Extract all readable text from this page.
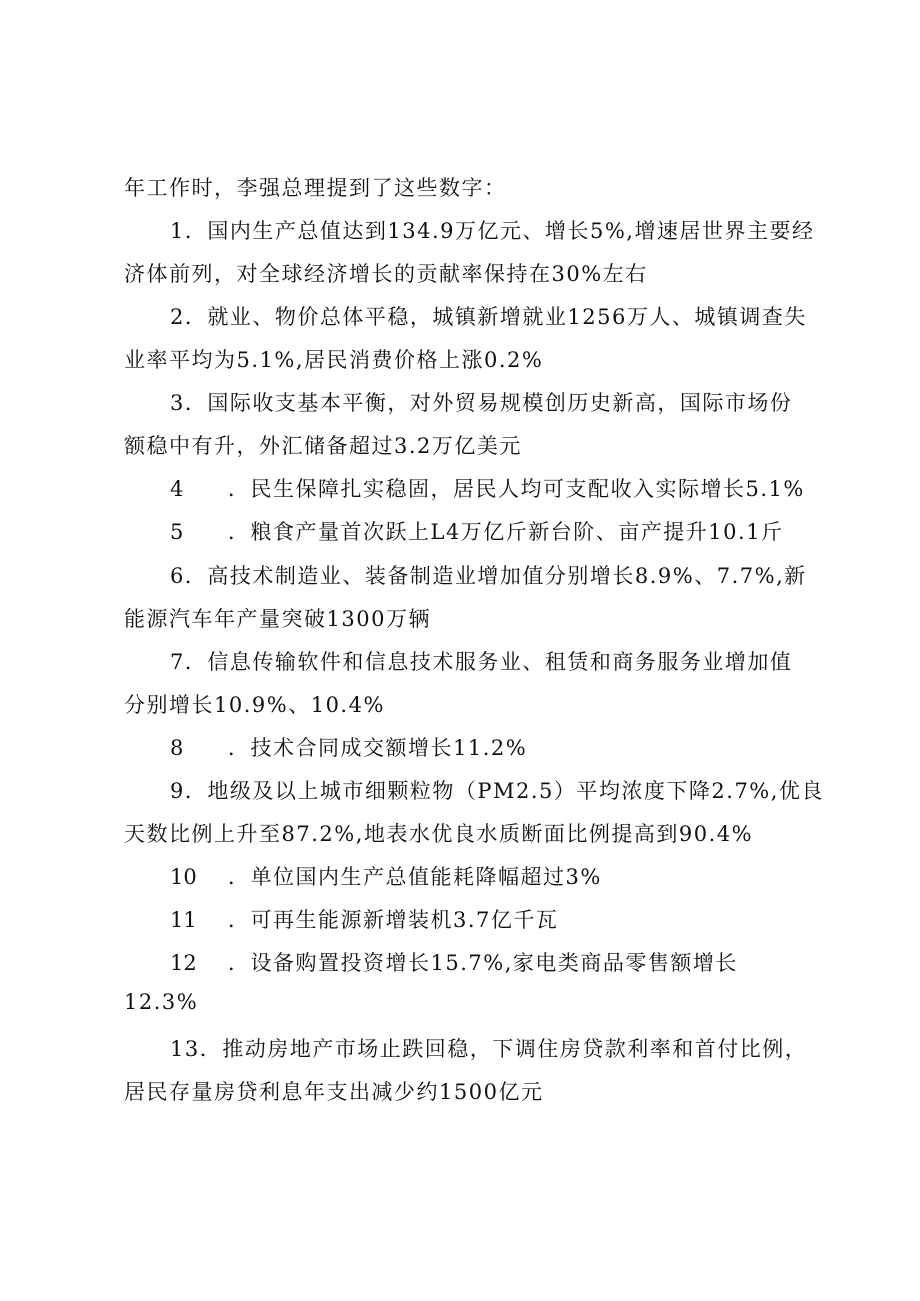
年工作时，李强总理提到了这些数字：
1．国内生产总值达到134.9万亿元、增长5%,增速居世界主要经
济体前列，对全球经济增长的贡献率保持在30%左右
2．就业、物价总体平稳，城镇新增就业1256万人、城镇调查失
业率平均为5.1%,居民消费价格上涨0.2%
3．国际收支基本平衡，对外贸易规模创历史新高，国际市场份
额稳中有升，外汇储备超过3.2万亿美元
4 ．民生保障扎实稳固，居民人均可支配收入实际增长5.1%
5 ．粮食产量首次跃上L4万亿斤新台阶、亩产提升10.1斤
6．高技术制造业、装备制造业增加值分别增长8.9%、7.7%,新
能源汽车年产量突破1300万辆
7．信息传输软件和信息技术服务业、租赁和商务服务业增加值
分别增长10.9%、10.4%
8 ．技术合同成交额增长11.2%
9．地级及以上城市细颗粒物（PM2.5）平均浓度下降2.7%,优良
天数比例上升至87.2%,地表水优良水质断面比例提高到90.4%
10 ．单位国内生产总值能耗降幅超过3%
11 ．可再生能源新增装机3.7亿千瓦
12 ．设备购置投资增长15.7%,家电类商品零售额增长
12.3%
13．推动房地产市场止跌回稳，下调住房贷款利率和首付比例，
居民存量房贷利息年支出减少约1500亿元
